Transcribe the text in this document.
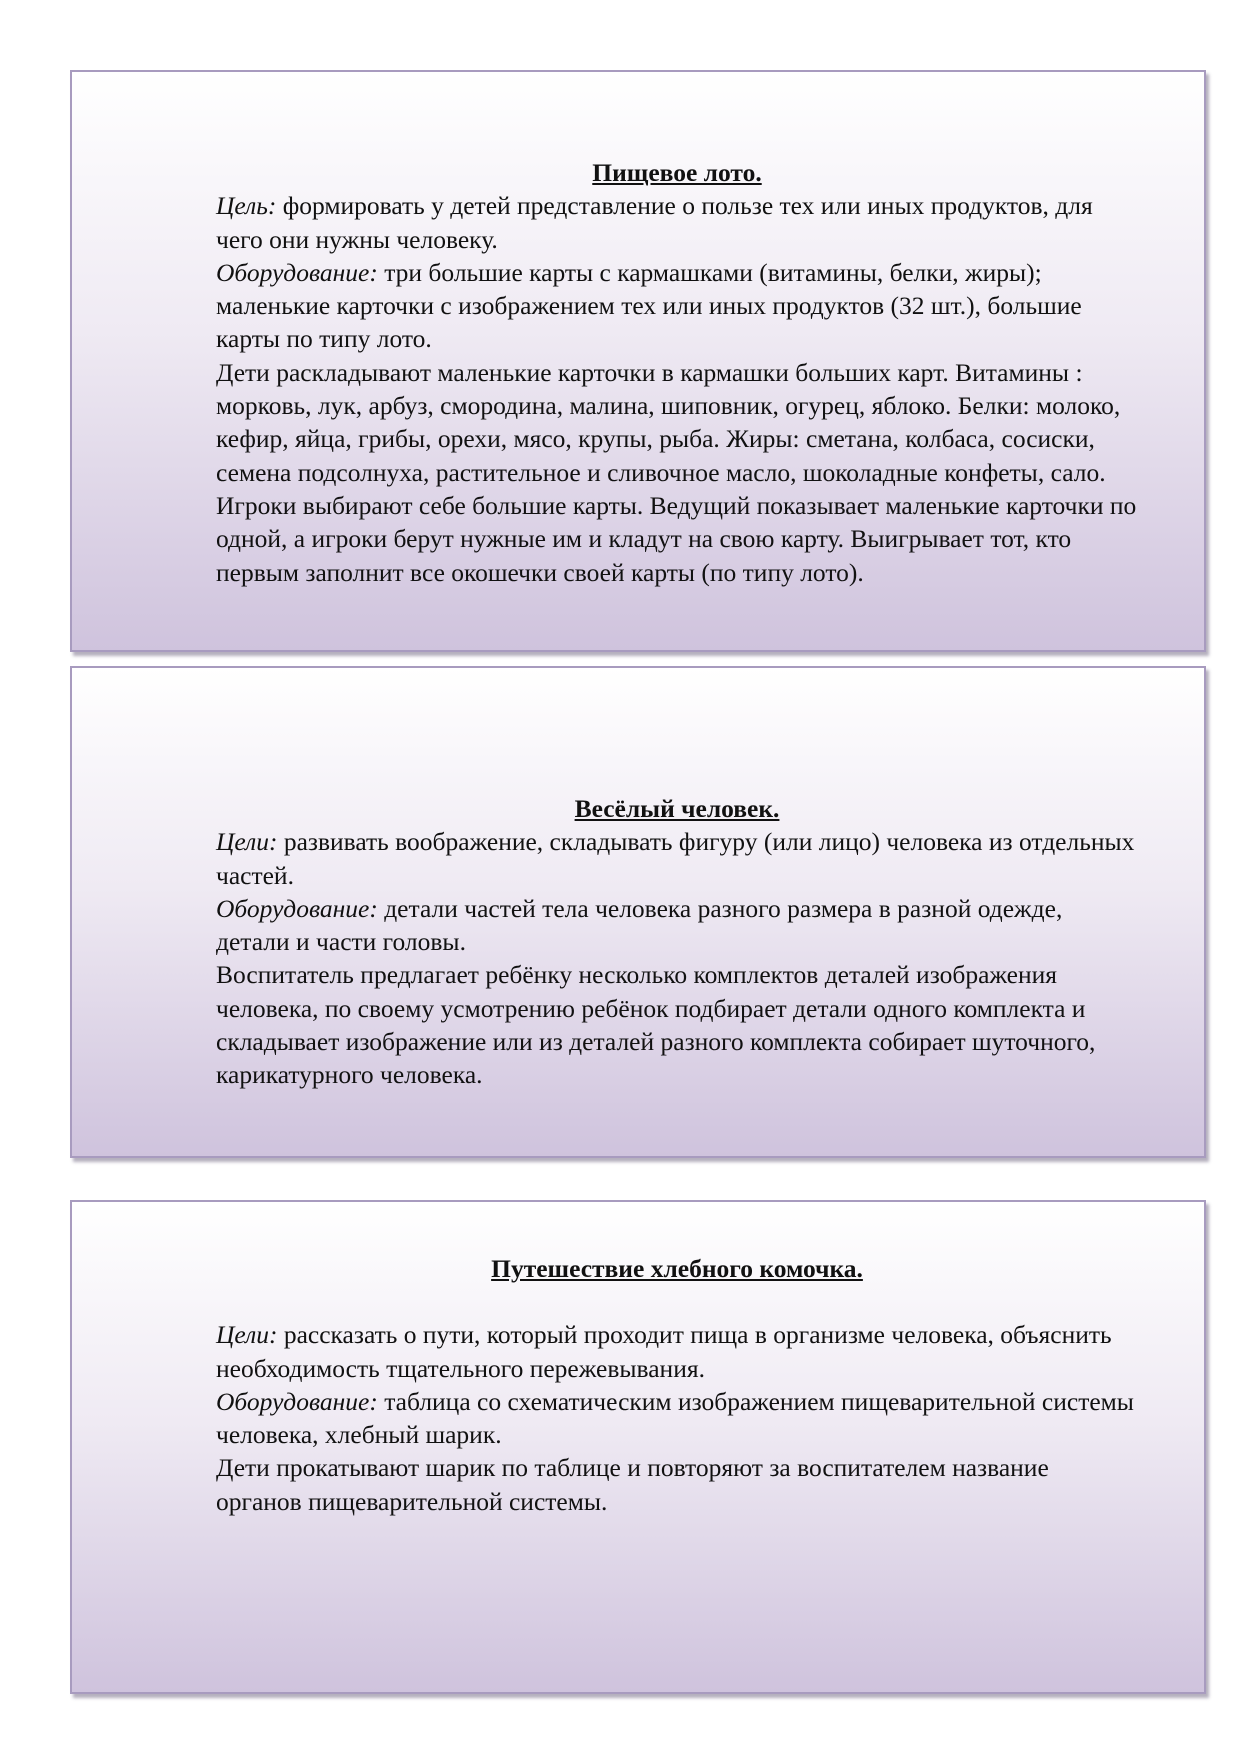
Пищевое лото.

Цель: формировать у детей представление о пользе тех или иных продуктов, для чего они нужны человеку.

Оборудование: три большие карты с кармашками (витамины, белки, жиры); маленькие карточки с изображением тех или иных продуктов (32 шт.), большие карты по типу лото.

Дети раскладывают маленькие карточки в кармашки больших карт. Витамины : морковь, лук, арбуз, смородина, малина, шиповник, огурец, яблоко. Белки: молоко, кефир, яйца, грибы, орехи, мясо, крупы, рыба. Жиры: сметана, колбаса, сосиски, семена подсолнуха, растительное и сливочное масло, шоколадные конфеты, сало.

Игроки выбирают себе большие карты. Ведущий показывает маленькие карточки по одной, а игроки берут нужные им и кладут на свою карту. Выигрывает тот, кто первым заполнит все окошечки своей карты (по типу лото).

Весёлый человек.

Цели: развивать воображение, складывать фигуру (или лицо) человека из отдельных частей.

Оборудование: детали частей тела человека разного размера в разной одежде, детали и части головы.

Воспитатель предлагает ребёнку несколько комплектов деталей изображения человека, по своему усмотрению ребёнок подбирает детали одного комплекта и складывает изображение или из деталей разного комплекта собирает шуточного, карикатурного человека.

Путешествие хлебного комочка.

Цели: рассказать о пути, который проходит пища в организме человека, объяснить необходимость тщательного пережевывания.

Оборудование: таблица со схематическим изображением пищеварительной системы человека, хлебный шарик.

Дети прокатывают шарик по таблице и повторяют за воспитателем название органов пищеварительной системы.
